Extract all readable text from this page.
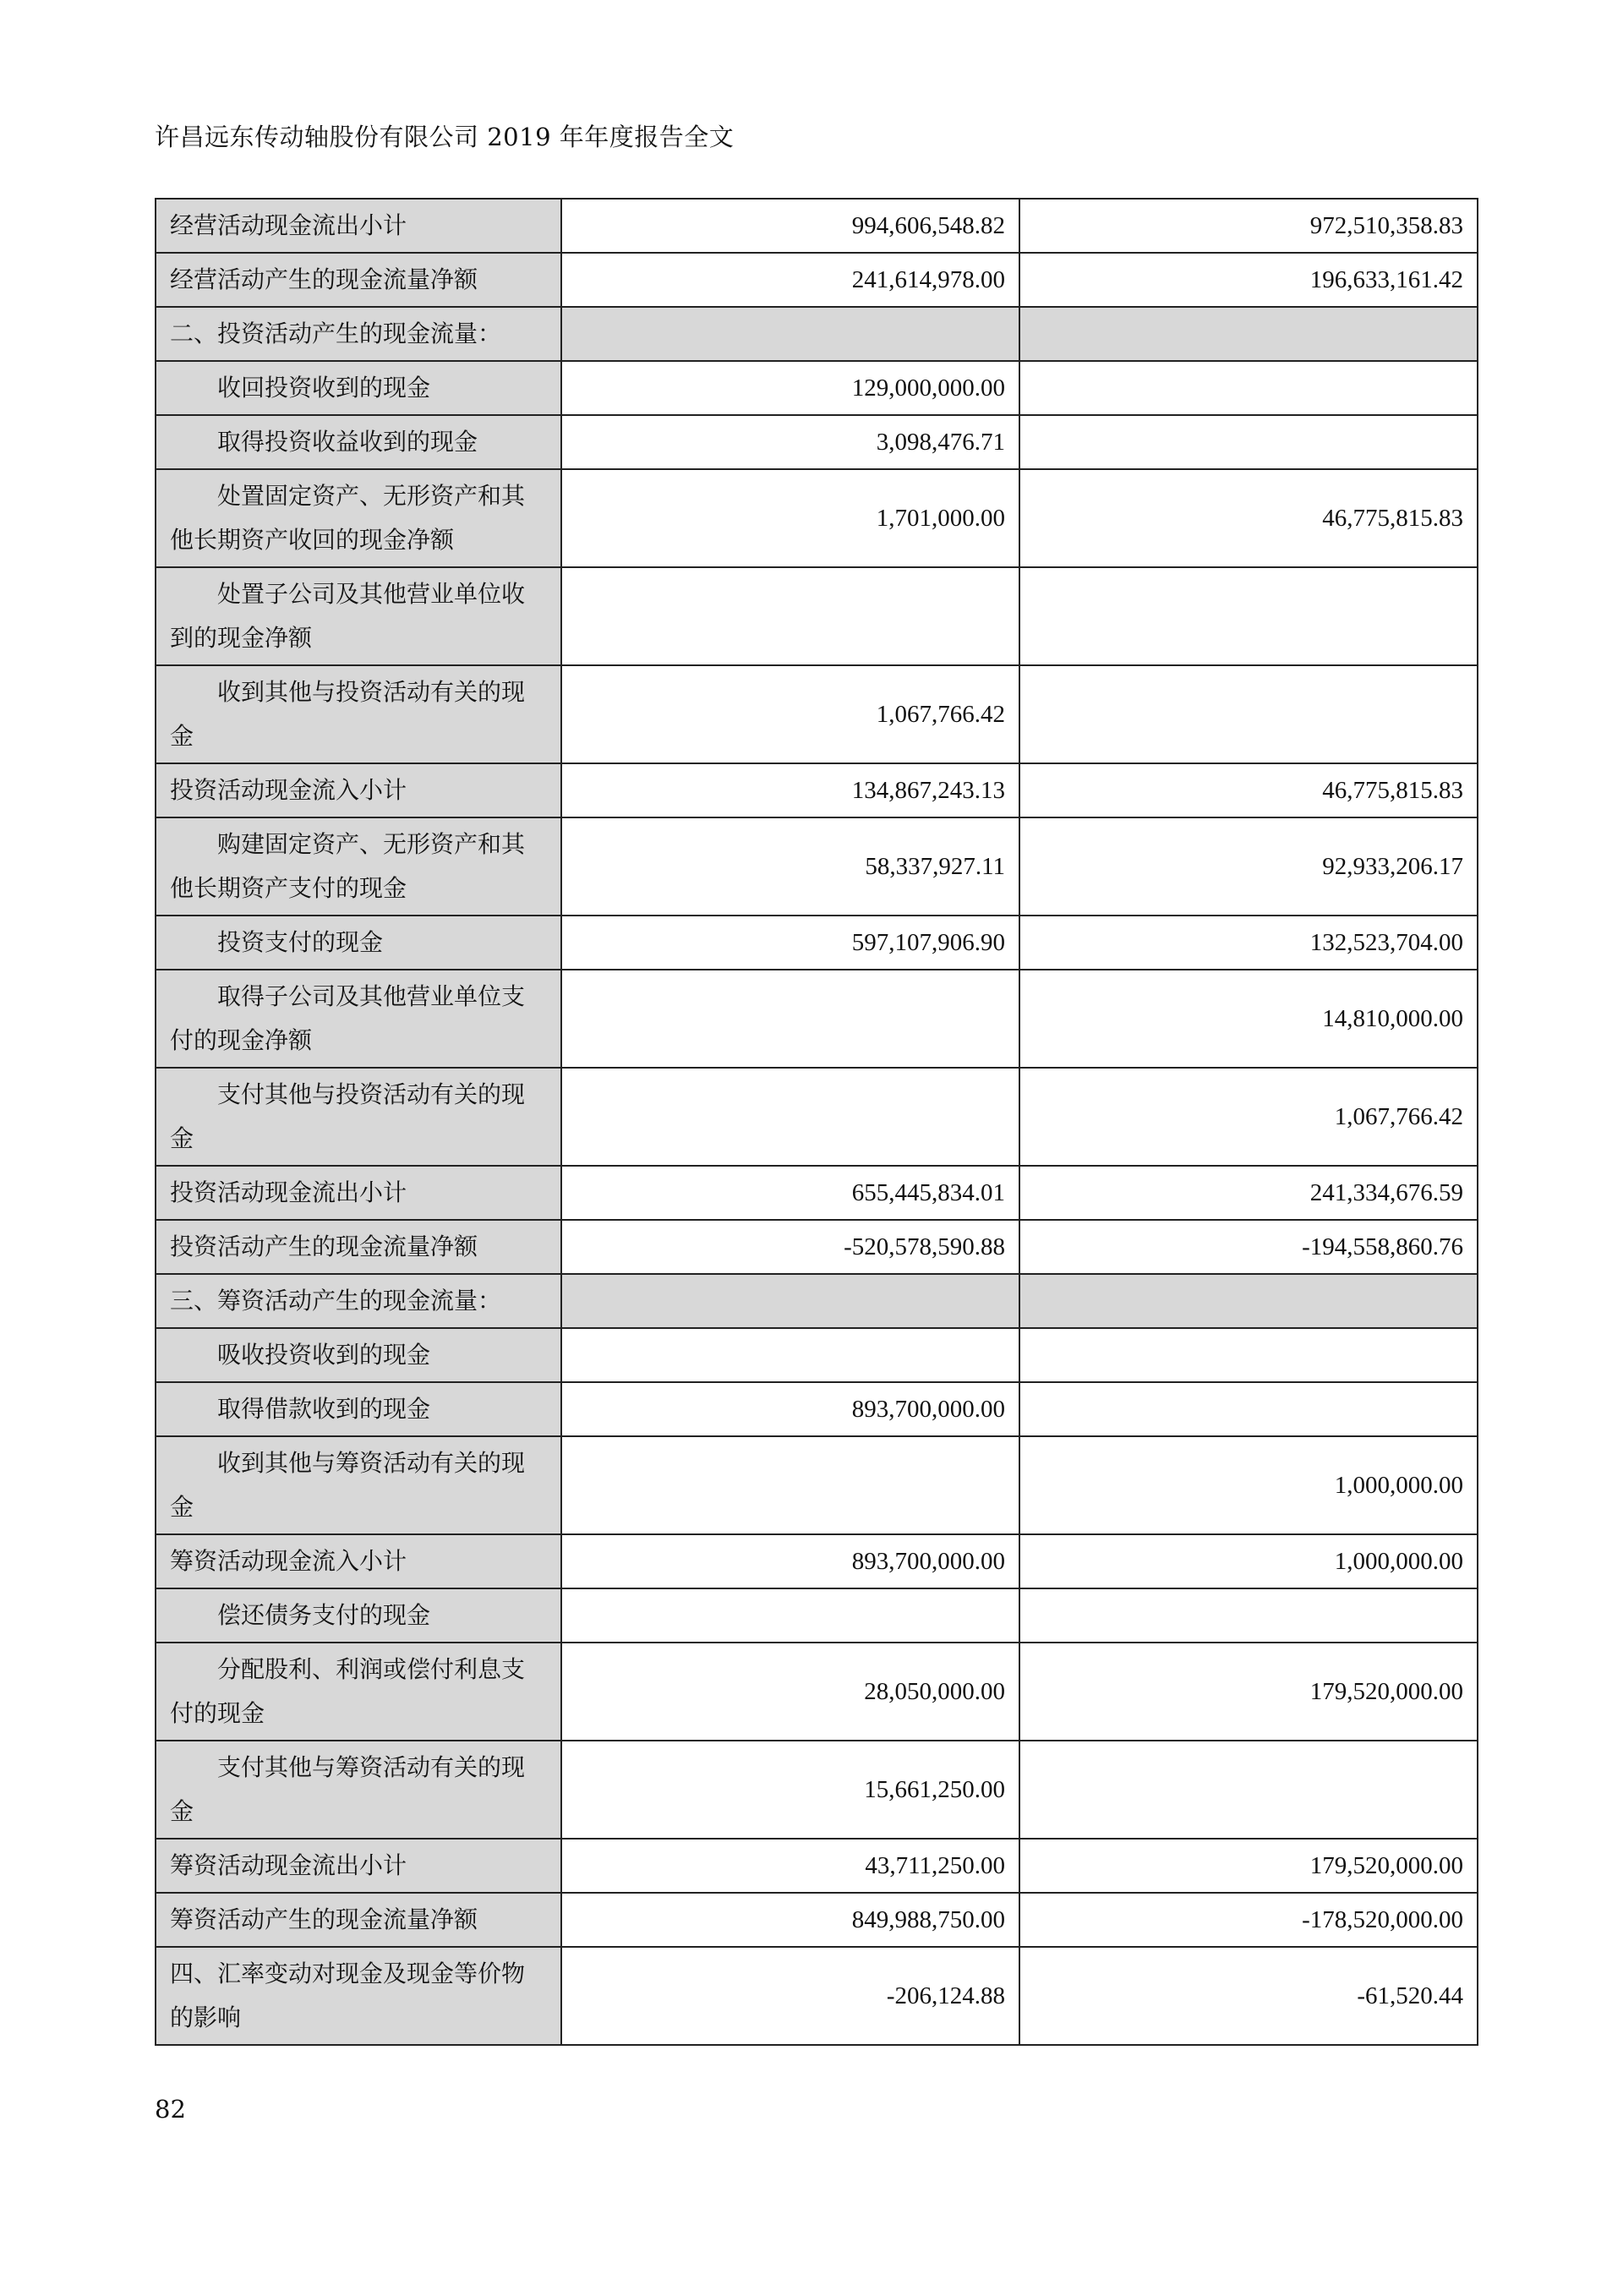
许昌远东传动轴股份有限公司 2019 年年度报告全文
经营活动现金流出小计	994,606,548.82	972,510,358.83
经营活动产生的现金流量净额	241,614,978.00	196,633,161.42
二、投资活动产生的现金流量：		
收回投资收到的现金	129,000,000.00	
取得投资收益收到的现金	3,098,476.71	
处置固定资产、无形资产和其他长期资产收回的现金净额	1,701,000.00	46,775,815.83
处置子公司及其他营业单位收到的现金净额		
收到其他与投资活动有关的现金	1,067,766.42	
投资活动现金流入小计	134,867,243.13	46,775,815.83
购建固定资产、无形资产和其他长期资产支付的现金	58,337,927.11	92,933,206.17
投资支付的现金	597,107,906.90	132,523,704.00
取得子公司及其他营业单位支付的现金净额		14,810,000.00
支付其他与投资活动有关的现金		1,067,766.42
投资活动现金流出小计	655,445,834.01	241,334,676.59
投资活动产生的现金流量净额	-520,578,590.88	-194,558,860.76
三、筹资活动产生的现金流量：		
吸收投资收到的现金		
取得借款收到的现金	893,700,000.00	
收到其他与筹资活动有关的现金		1,000,000.00
筹资活动现金流入小计	893,700,000.00	1,000,000.00
偿还债务支付的现金		
分配股利、利润或偿付利息支付的现金	28,050,000.00	179,520,000.00
支付其他与筹资活动有关的现金	15,661,250.00	
筹资活动现金流出小计	43,711,250.00	179,520,000.00
筹资活动产生的现金流量净额	849,988,750.00	-178,520,000.00
四、汇率变动对现金及现金等价物的影响	-206,124.88	-61,520.44
82
